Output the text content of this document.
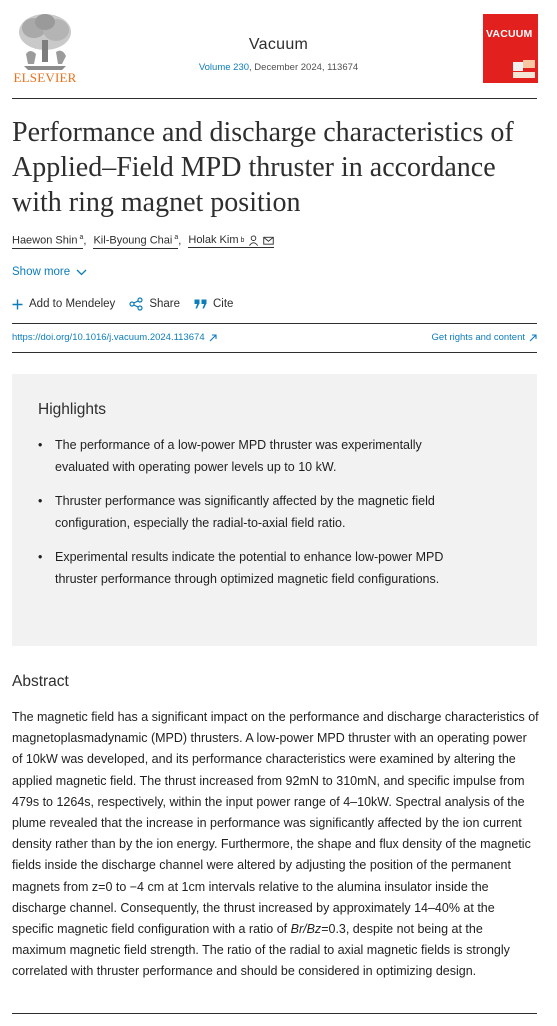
ELSEVIER
Vacuum
Volume 230, December 2024, 113674
VACUUM
Performance and discharge characteristics of Applied–Field MPD thruster in accordance with ring magnet position
Haewon Shin $^a$ , Kil-Byoung Chai $^a$ , Holak Kim b
Show more
Add to Mendeley	Share	Cite
https://doi.org/10.1016/j.vacuum.2024.113674	Get rights and content
Highlights
• The performance of a low-power MPD thruster was experimentally evaluated with operating power levels up to 10 kW.
• Thruster performance was significantly affected by the magnetic field configuration, especially the radial-to-axial field ratio.
• Experimental results indicate the potential to enhance low-power MPD thruster performance through optimized magnetic field configurations.
Abstract

The magnetic field has a significant impact on the performance and discharge characteristics of magnetoplasmadynamic (MPD) thrusters. A low-power MPD thruster with an operating power of 10kW was developed, and its performance characteristics were examined by altering the applied magnetic field. The thrust increased from 92mN to 310mN, and specific impulse from 479s to 1264s, respectively, within the input power range of 4–10kW. Spectral analysis of the plume revealed that the increase in performance was significantly affected by the ion current density rather than by the ion energy. Furthermore, the shape and flux density of the magnetic fields inside the discharge channel were altered by adjusting the position of the permanent magnets from z=0 to −4 cm at 1cm intervals relative to the alumina insulator inside the discharge channel. Consequently, the thrust increased by approximately 14–40% at the specific magnetic field configuration with a ratio of Br/Bz=0.3, despite not being at the maximum magnetic field strength. The ratio of the radial to axial magnetic fields is strongly correlated with thruster performance and should be considered in optimizing design.
